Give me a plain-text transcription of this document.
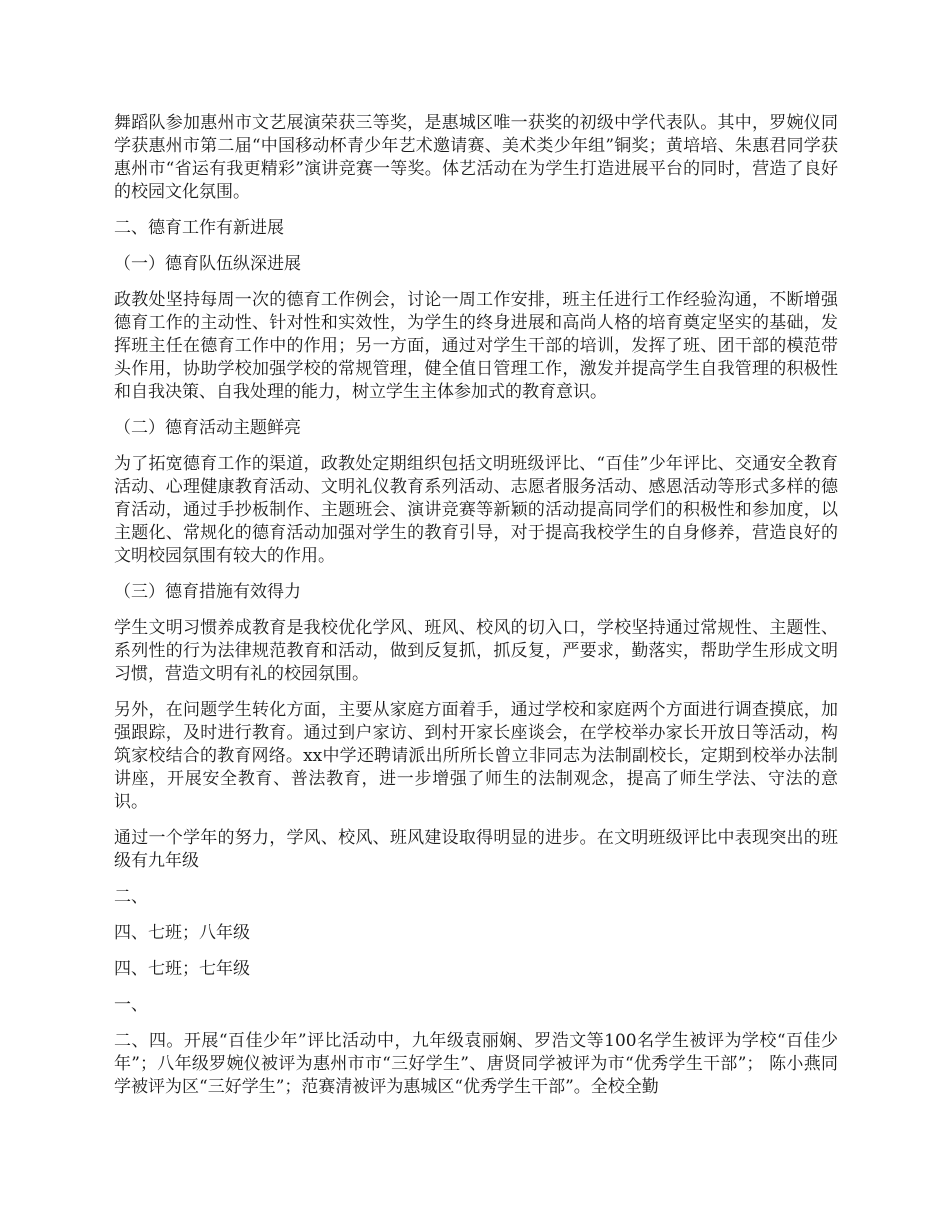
舞蹈队参加惠州市文艺展演荣获三等奖，是惠城区唯一获奖的初级中学代表队。其中，罗婉仪同学获惠州市第二届“中国移动杯青少年艺术邀请赛、美术类少年组”铜奖；黄培培、朱惠君同学获惠州市“省运有我更精彩”演讲竞赛一等奖。体艺活动在为学生打造进展平台的同时，营造了良好的校园文化氛围。

二、德育工作有新进展

（一）德育队伍纵深进展

政教处坚持每周一次的德育工作例会，讨论一周工作安排，班主任进行工作经验沟通，不断增强德育工作的主动性、针对性和实效性，为学生的终身进展和高尚人格的培育奠定坚实的基础，发挥班主任在德育工作中的作用；另一方面，通过对学生干部的培训，发挥了班、团干部的模范带头作用，协助学校加强学校的常规管理，健全值日管理工作，激发并提高学生自我管理的积极性和自我决策、自我处理的能力，树立学生主体参加式的教育意识。

（二）德育活动主题鲜亮

为了拓宽德育工作的渠道，政教处定期组织包括文明班级评比、“百佳”少年评比、交通安全教育活动、心理健康教育活动、文明礼仪教育系列活动、志愿者服务活动、感恩活动等形式多样的德育活动，通过手抄板制作、主题班会、演讲竞赛等新颖的活动提高同学们的积极性和参加度，以主题化、常规化的德育活动加强对学生的教育引导，对于提高我校学生的自身修养，营造良好的文明校园氛围有较大的作用。

（三）德育措施有效得力

学生文明习惯养成教育是我校优化学风、班风、校风的切入口，学校坚持通过常规性、主题性、系列性的行为法律规范教育和活动，做到反复抓，抓反复，严要求，勤落实，帮助学生形成文明习惯，营造文明有礼的校园氛围。

另外，在问题学生转化方面，主要从家庭方面着手，通过学校和家庭两个方面进行调查摸底，加强跟踪，及时进行教育。通过到户家访、到村开家长座谈会，在学校举办家长开放日等活动，构筑家校结合的教育网络。xx中学还聘请派出所所长曾立非同志为法制副校长，定期到校举办法制讲座，开展安全教育、普法教育，进一步增强了师生的法制观念，提高了师生学法、守法的意识。

通过一个学年的努力，学风、校风、班风建设取得明显的进步。在文明班级评比中表现突出的班级有九年级

二、

四、七班；八年级

四、七班；七年级

一、

二、四。开展“百佳少年”评比活动中，九年级袁丽娴、罗浩文等100名学生被评为学校“百佳少年”；八年级罗婉仪被评为惠州市市“三好学生”、唐贤同学被评为市“优秀学生干部”； 陈小燕同学被评为区“三好学生”；范赛清被评为惠城区“优秀学生干部”。全校全勤
